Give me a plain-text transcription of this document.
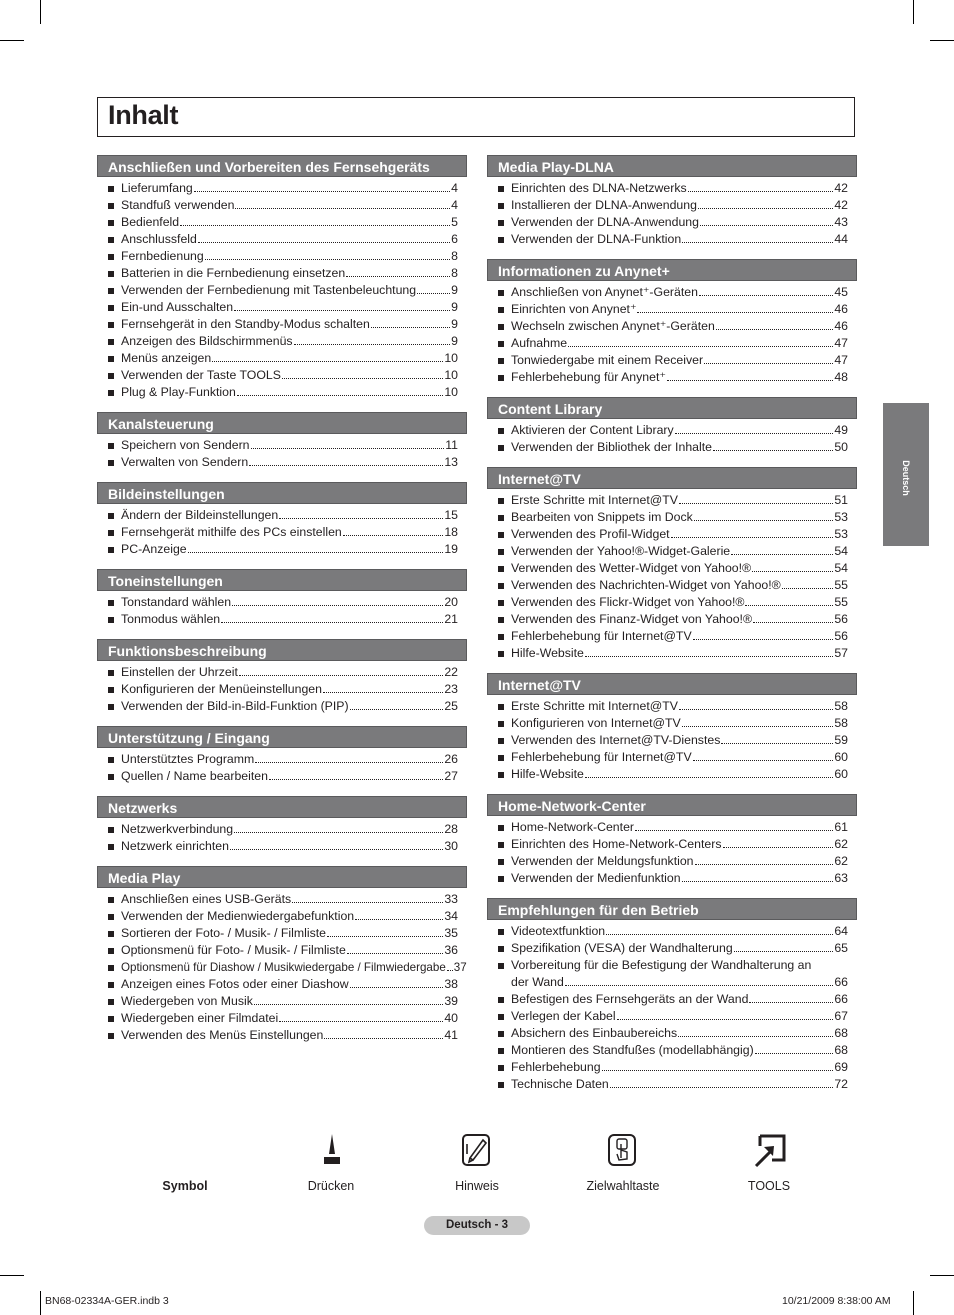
Inhalt
Anschließen und Vorbereiten des Fernsehgeräts
Lieferumfang	4
Standfuß verwenden	4
Bedienfeld	5
Anschlussfeld	6
Fernbedienung	8
Batterien in die Fernbedienung einsetzen	8
Verwenden der Fernbedienung mit Tastenbeleuchtung	9
Ein-und Ausschalten	9
Fernsehgerät in den Standby-Modus schalten	9
Anzeigen des Bildschirmmenüs	9
Menüs anzeigen	10
Verwenden der Taste TOOLS	10
Plug & Play-Funktion	10
Kanalsteuerung
Speichern von Sendern	11
Verwalten von Sendern	13
Bildeinstellungen
Ändern der Bildeinstellungen	15
Fernsehgerät mithilfe des PCs einstellen	18
PC-Anzeige	19
Toneinstellungen
Tonstandard wählen	20
Tonmodus wählen	21
Funktionsbeschreibung
Einstellen der Uhrzeit	22
Konfigurieren der Menüeinstellungen	23
Verwenden der Bild-in-Bild-Funktion (PIP)	25
Unterstützung / Eingang
Unterstütztes Programm	26
Quellen / Name bearbeiten	27
Netzwerks
Netzwerkverbindung	28
Netzwerk einrichten	30
Media Play
Anschließen eines USB-Geräts	33
Verwenden der Medienwiedergabefunktion	34
Sortieren der Foto- / Musik- / Filmliste	35
Optionsmenü für Foto- / Musik- / Filmliste	36
Optionsmenü für Diashow / Musikwiedergabe / Filmwiedergabe 37
Anzeigen eines Fotos oder einer Diashow	38
Wiedergeben von Musik	39
Wiedergeben einer Filmdatei	40
Verwenden des Menüs Einstellungen	41
Media Play-DLNA
Einrichten des DLNA-Netzwerks	42
Installieren der DLNA-Anwendung	42
Verwenden der DLNA-Anwendung	43
Verwenden der DLNA-Funktion	44
Informationen zu Anynet+
Anschließen von Anynet⁺-Geräten	45
Einrichten von Anynet⁺	46
Wechseln zwischen Anynet⁺-Geräten	46
Aufnahme	47
Tonwiedergabe mit einem Receiver	47
Fehlerbehebung für Anynet⁺	48
Content Library
Aktivieren der Content Library	49
Verwenden der Bibliothek der Inhalte	50
Internet@TV
Erste Schritte mit Internet@TV	51
Bearbeiten von Snippets im Dock	53
Verwenden des Profil-Widget	53
Verwenden der Yahoo!®-Widget-Galerie	54
Verwenden des Wetter-Widget von Yahoo!®	54
Verwenden des Nachrichten-Widget von Yahoo!®	55
Verwenden des Flickr-Widget von Yahoo!®	55
Verwenden des Finanz-Widget von Yahoo!®	56
Fehlerbehebung für Internet@TV	56
Hilfe-Website	57
Internet@TV
Erste Schritte mit Internet@TV	58
Konfigurieren von Internet@TV	58
Verwenden des Internet@TV-Dienstes	59
Fehlerbehebung für Internet@TV	60
Hilfe-Website	60
Home-Network-Center
Home-Network-Center	61
Einrichten des Home-Network-Centers	62
Verwenden der Meldungsfunktion	62
Verwenden der Medienfunktion	63
Empfehlungen für den Betrieb
Videotextfunktion	64
Spezifikation (VESA) der Wandhalterung	65
Vorbereitung für die Befestigung der Wandhalterung an
der Wand	66
Befestigen des Fernsehgeräts an der Wand	66
Verlegen der Kabel	67
Absichern des Einbaubereichs	68
Montieren des Standfußes (modellabhängig)	68
Fehlerbehebung	69
Technische Daten	72
Deutsch
Symbol	Drücken	Hinweis	Zielwahltaste	TOOLS
Deutsch - 3
BN68-02334A-GER.indb 3	10/21/2009 8:38:00 AM
